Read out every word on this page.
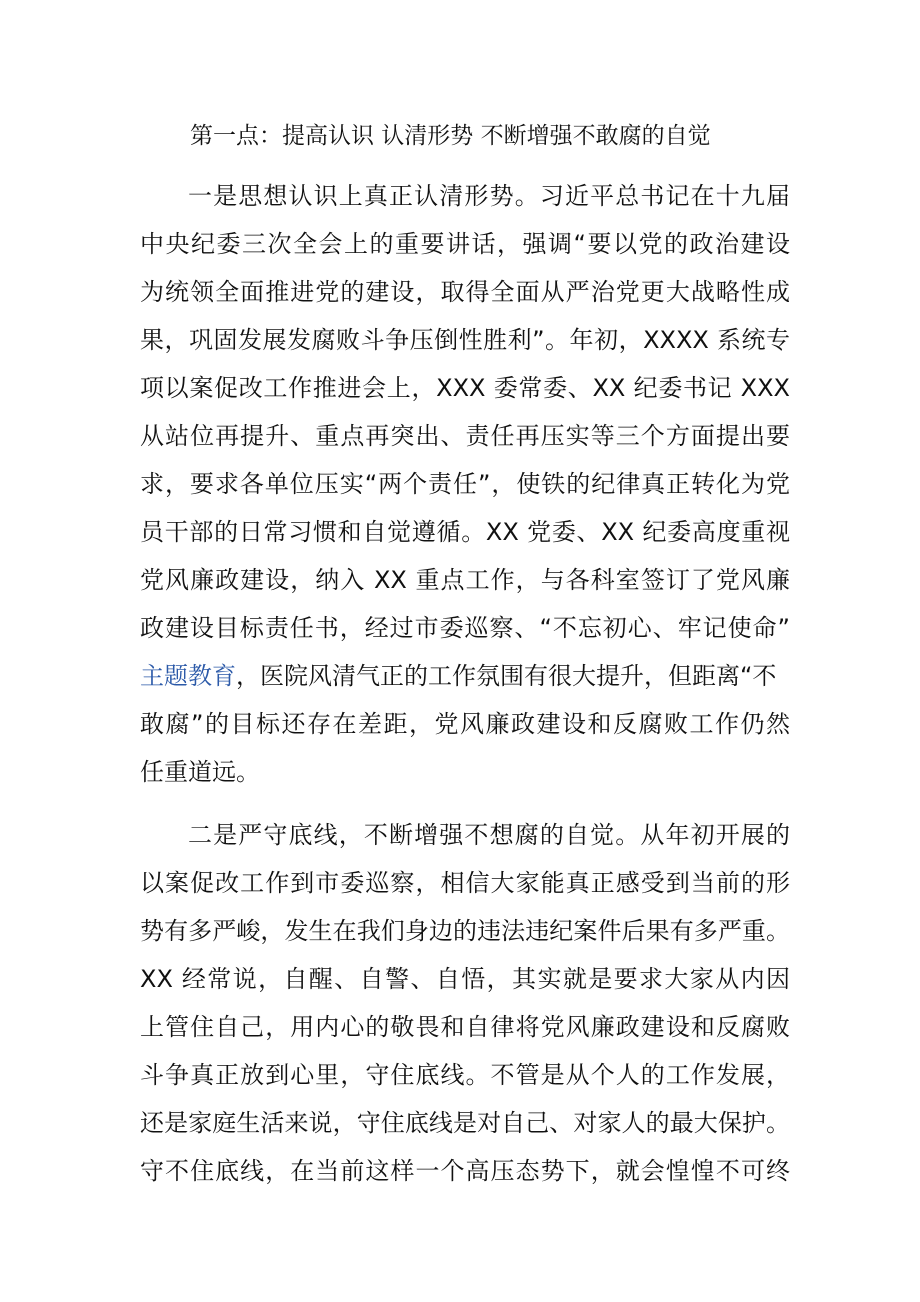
第一点：提高认识 认清形势 不断增强不敢腐的自觉
一是思想认识上真正认清形势。习近平总书记在十九届
中央纪委三次全会上的重要讲话，强调“要以党的政治建设
为统领全面推进党的建设，取得全面从严治党更大战略性成
果，巩固发展发腐败斗争压倒性胜利”。年初，XXXX 系统专
项以案促改工作推进会上，XXX 委常委、XX 纪委书记 XXX
从站位再提升、重点再突出、责任再压实等三个方面提出要
求，要求各单位压实“两个责任”，使铁的纪律真正转化为党
员干部的日常习惯和自觉遵循。XX 党委、XX 纪委高度重视
党风廉政建设，纳入 XX 重点工作，与各科室签订了党风廉
政建设目标责任书，经过市委巡察、“不忘初心、牢记使命”
主题教育，医院风清气正的工作氛围有很大提升，但距离“不
敢腐”的目标还存在差距，党风廉政建设和反腐败工作仍然
任重道远。
二是严守底线，不断增强不想腐的自觉。从年初开展的
以案促改工作到市委巡察，相信大家能真正感受到当前的形
势有多严峻，发生在我们身边的违法违纪案件后果有多严重。
XX 经常说，自醒、自警、自悟，其实就是要求大家从内因
上管住自己，用内心的敬畏和自律将党风廉政建设和反腐败
斗争真正放到心里，守住底线。不管是从个人的工作发展，
还是家庭生活来说，守住底线是对自己、对家人的最大保护。
守不住底线，在当前这样一个高压态势下，就会惶惶不可终
